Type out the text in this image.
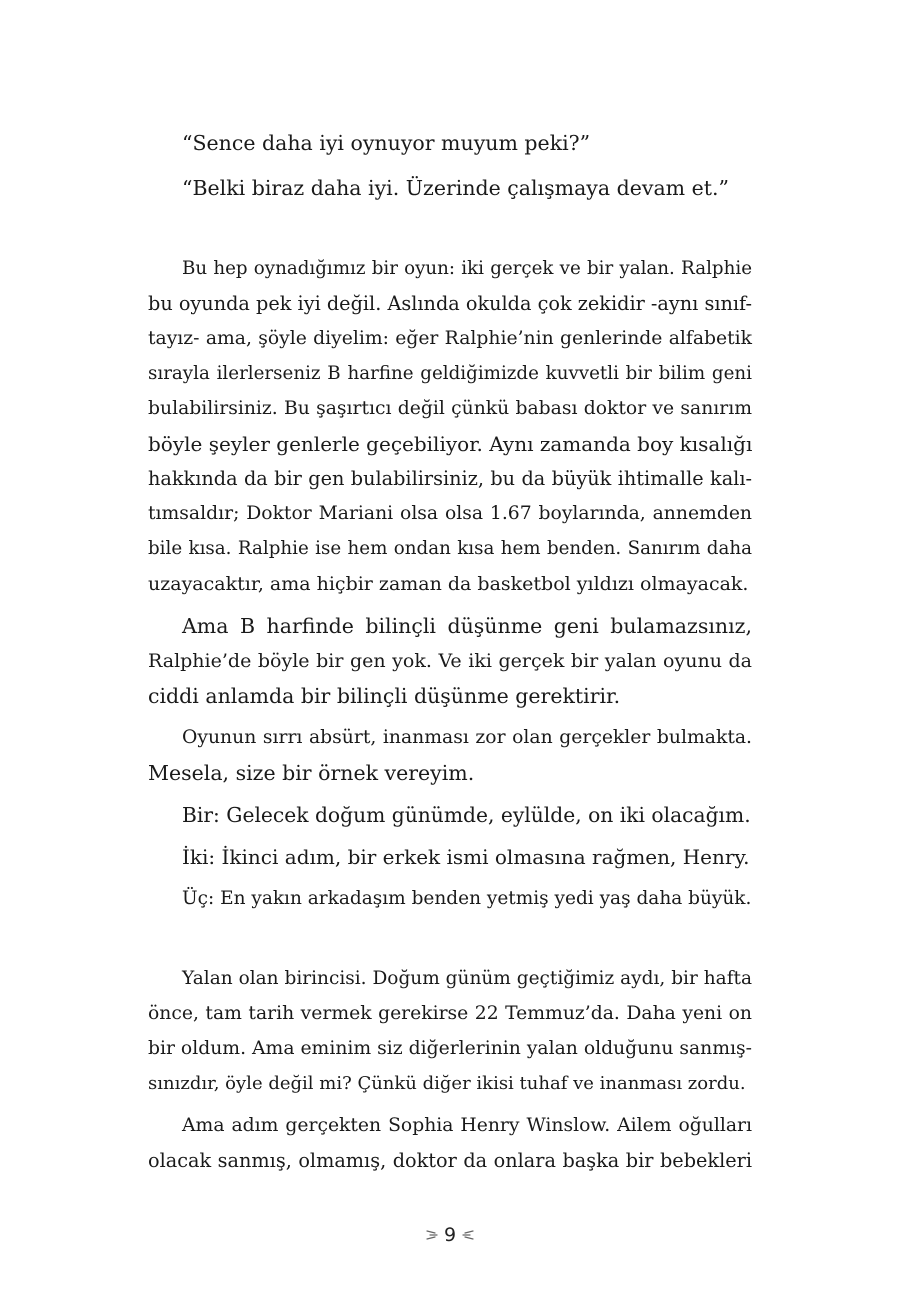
“Sence daha iyi oynuyor muyum peki?”
“Belki biraz daha iyi. Üzerinde çalışmaya devam et.”
Bu hep oynadığımız bir oyun: iki gerçek ve bir yalan. Ralphie
bu oyunda pek iyi değil. Aslında okulda çok zekidir -aynı sınıf-
tayız- ama, şöyle diyelim: eğer Ralphie’nin genlerinde alfabetik
sırayla ilerlerseniz B harfine geldiğimizde kuvvetli bir bilim geni
bulabilirsiniz. Bu şaşırtıcı değil çünkü babası doktor ve sanırım
böyle şeyler genlerle geçebiliyor. Aynı zamanda boy kısalığı
hakkında da bir gen bulabilirsiniz, bu da büyük ihtimalle kalı-
tımsaldır; Doktor Mariani olsa olsa 1.67 boylarında, annemden
bile kısa. Ralphie ise hem ondan kısa hem benden. Sanırım daha
uzayacaktır, ama hiçbir zaman da basketbol yıldızı olmayacak.
Ama B harfinde bilinçli düşünme geni bulamazsınız,
Ralphie’de böyle bir gen yok. Ve iki gerçek bir yalan oyunu da
ciddi anlamda bir bilinçli düşünme gerektirir.
Oyunun sırrı absürt, inanması zor olan gerçekler bulmakta.
Mesela, size bir örnek vereyim.
Bir: Gelecek doğum günümde, eylülde, on iki olacağım.
İki: İkinci adım, bir erkek ismi olmasına rağmen, Henry.
Üç: En yakın arkadaşım benden yetmiş yedi yaş daha büyük.
Yalan olan birincisi. Doğum günüm geçtiğimiz aydı, bir hafta
önce, tam tarih vermek gerekirse 22 Temmuz’da. Daha yeni on
bir oldum. Ama eminim siz diğerlerinin yalan olduğunu sanmış-
sınızdır, öyle değil mi? Çünkü diğer ikisi tuhaf ve inanması zordu.
Ama adım gerçekten Sophia Henry Winslow. Ailem oğulları
olacak sanmış, olmamış, doktor da onlara başka bir bebekleri
9
